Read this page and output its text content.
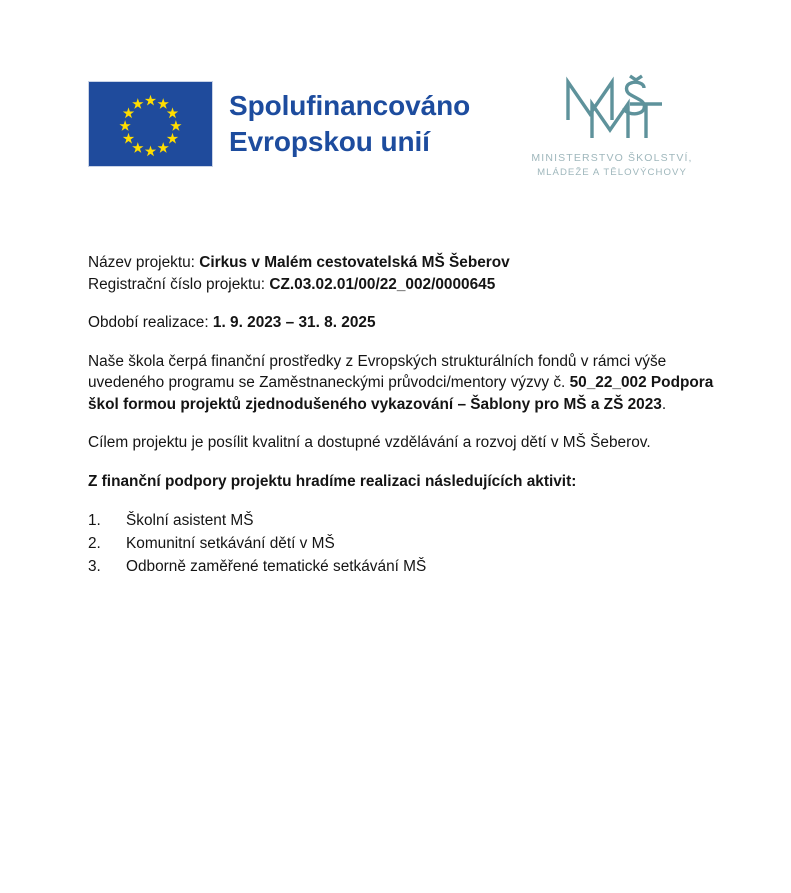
Spolufinancováno
Evropskou unií
MINISTERSTVO ŠKOLSTVÍ,
MLÁDEŽE A TĚLOVÝCHOVY

Název projektu: Cirkus v Malém cestovatelská MŠ Šeberov

Registrační číslo projektu: CZ.03.02.01/00/22_002/0000645

Období realizace: 1. 9. 2023 – 31. 8. 2025

Naše škola čerpá finanční prostředky z Evropských strukturálních fondů v rámci výše uvedeného programu se Zaměstnaneckými průvodci/mentory výzvy č. 50_22_002 Podpora škol formou projektů zjednodušeného vykazování – Šablony pro MŠ a ZŠ 2023.

Cílem projektu je posílit kvalitní a dostupné vzdělávání a rozvoj dětí v MŠ Šeberov.

Z finanční podpory projektu hradíme realizaci následujících aktivit:

1.	Školní asistent MŠ
2.	Komunitní setkávání dětí v MŠ
3.	Odborně zaměřené tematické setkávání MŠ
